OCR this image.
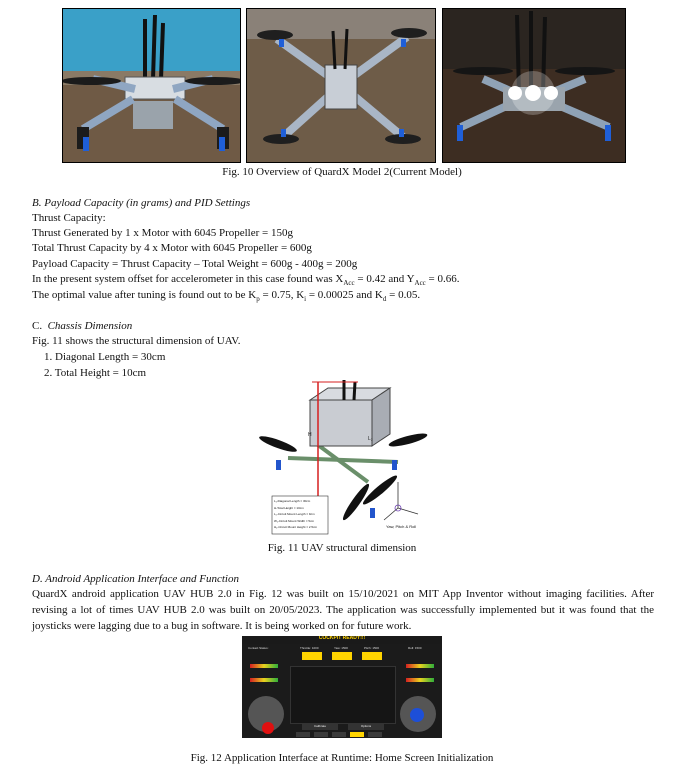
Fig. 10 Overview of QuardX Model 2(Current Model)
B. Payload Capacity (in grams) and PID Settings
Thrust Capacity:
Thrust Generated by 1 x Motor with 6045 Propeller = 150g
Total Thrust Capacity by 4 x Motor with 6045 Propeller = 600g
Payload Capacity = Thrust Capacity – Total Weight = 600g - 400g = 200g
In the present system offset for accelerometer in this case found was $X_{Acc} = 0.42$ and $Y_{Acc} = 0.66$.
The optimal value after tuning is found out to be $K_p = 0.75$, $K_i = 0.00025$ and $K_d = 0.05$.
C. Chassis Dimension
Fig. 11 shows the structural dimension of UAV.
1. Diagonal Length = 30cm
2. Total Height = 10cm
H
L₂
L₁-Diagonal Length = 30cm
H-Total Height = 10cm
L₂-Circuit Mount Length = 9cm
W₁-Circuit Mount Width = 5cm
H₂-Circuit Mount Height = 2.5cm	Yaw, Pitch & Roll
Fig. 11 UAV structural dimension
D. Android Application Interface and Function
QuardX android application UAV HUB 2.0 in Fig. 12 was built on 15/10/2021 on MIT App Inventor without imaging facilities. After revising a lot of times UAV HUB 2.0 was built on 20/05/2023. The application was successfully implemented but it was found that the joysticks were lagging due to a bug in software. It is being worked on for future work.
COCKPIT READY!!!
Contact Status:	Throttle: 1000	Yaw: 1500	Pitch: 1500	Roll: 1500
Calibrate	Options
Fig. 12 Application Interface at Runtime: Home Screen Initialization
